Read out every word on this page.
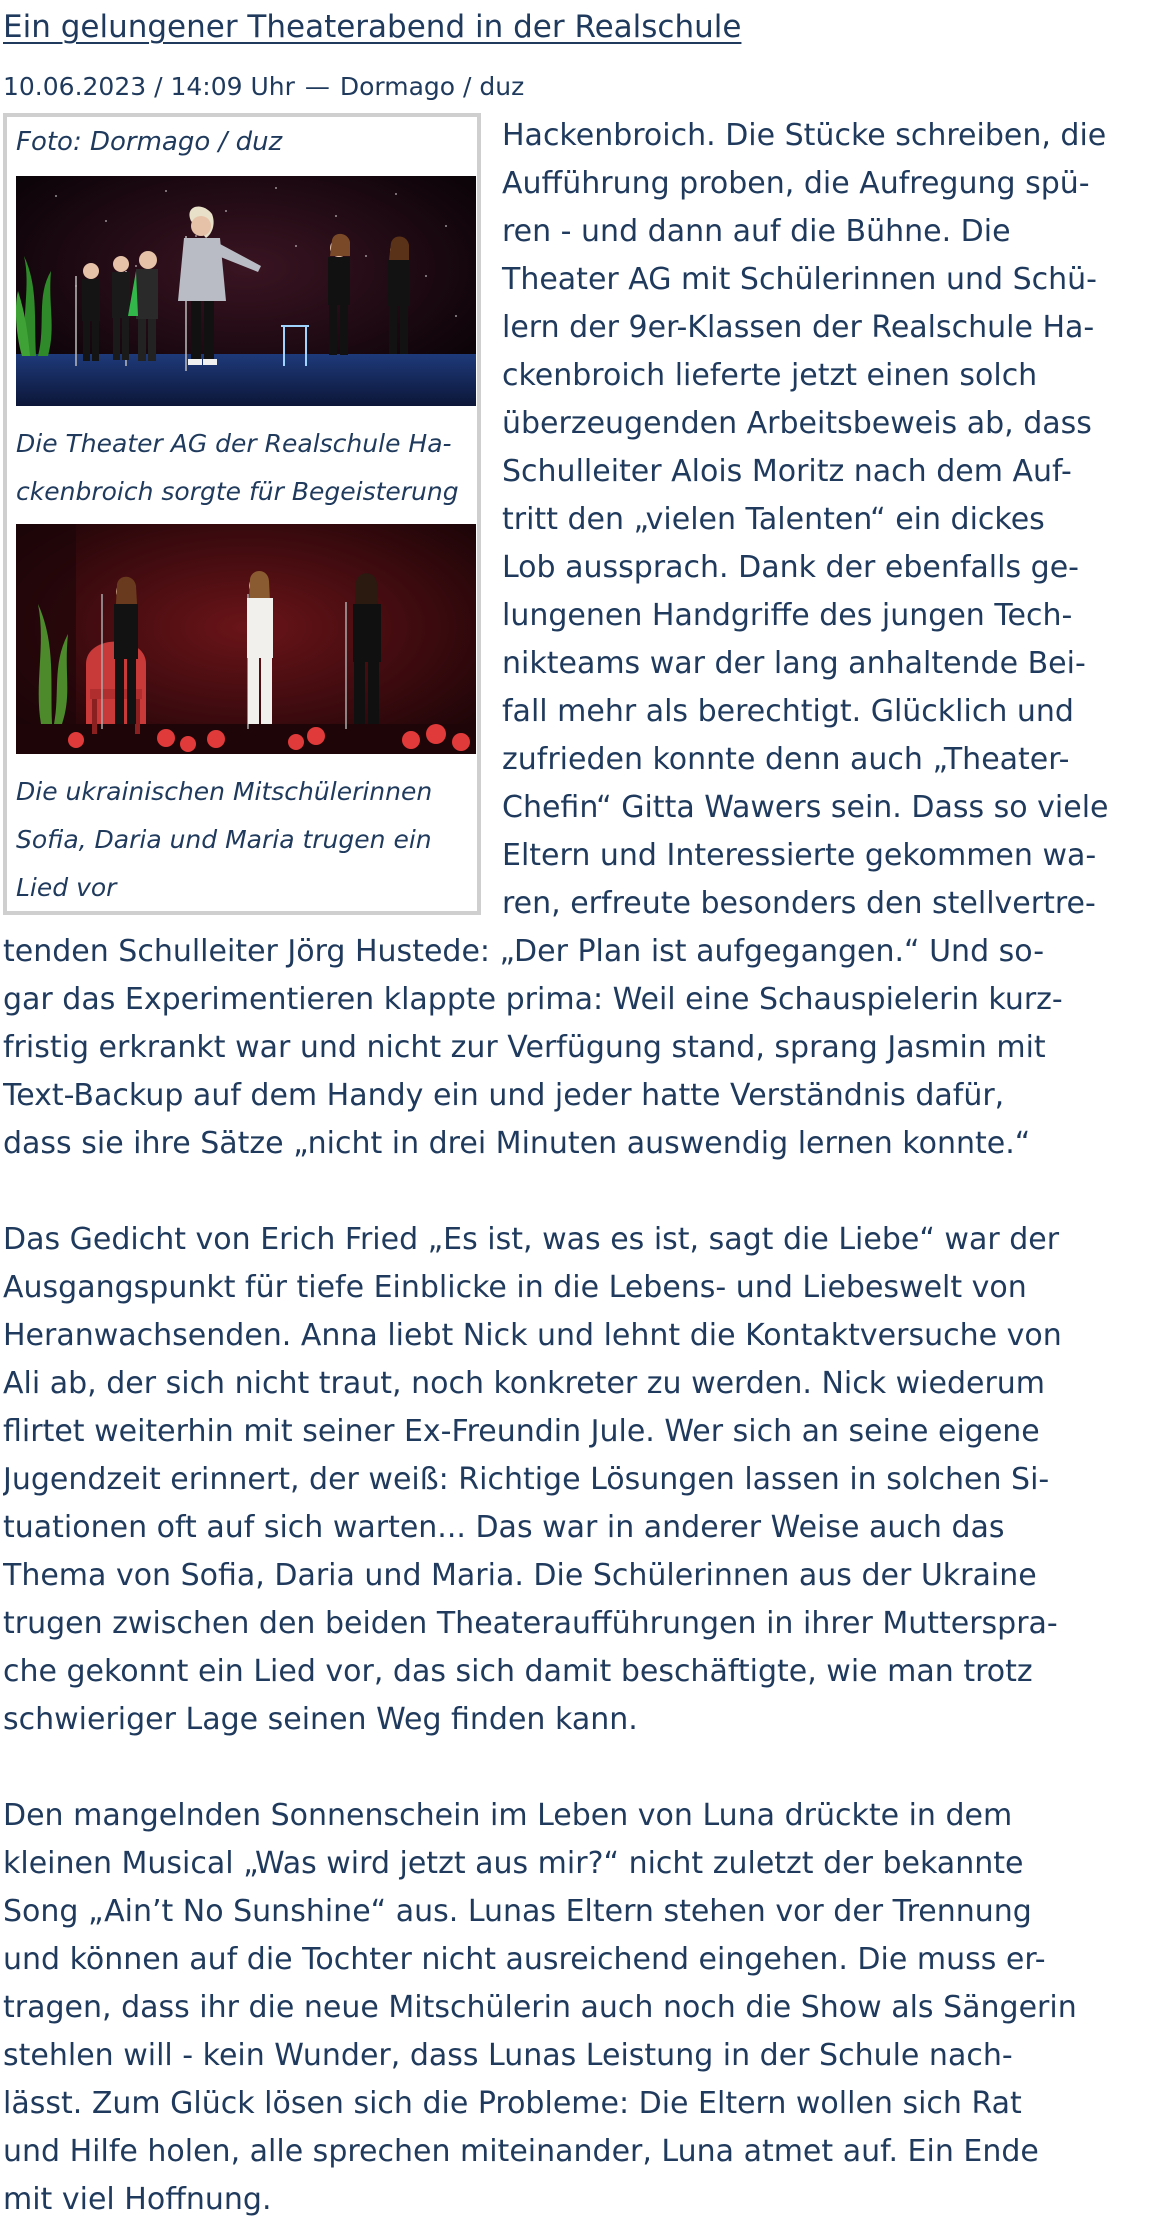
Ein gelungener Theaterabend in der Realschule
10.06.2023 / 14:09 Uhr — Dormago / duz
Foto: Dormago / duz
Die Theater AG der Realschule Ha-
ckenbroich sorgte für Begeisterung
Die ukrainischen Mitschülerinnen
Sofia, Daria und Maria trugen ein
Lied vor

Hackenbroich. Die Stücke schreiben, die

Aufführung proben, die Aufregung spü-

ren - und dann auf die Bühne. Die

Theater AG mit Schülerinnen und Schü-

lern der 9er-Klassen der Realschule Ha-

ckenbroich lieferte jetzt einen solch

überzeugenden Arbeitsbeweis ab, dass

Schulleiter Alois Moritz nach dem Auf-

tritt den „vielen Talenten“ ein dickes

Lob aussprach. Dank der ebenfalls ge-

lungenen Handgriffe des jungen Tech-

nikteams war der lang anhaltende Bei-

fall mehr als berechtigt. Glücklich und

zufrieden konnte denn auch „Theater-

Chefin“ Gitta Wawers sein. Dass so viele

Eltern und Interessierte gekommen wa-

ren, erfreute besonders den stellvertre-

tenden Schulleiter Jörg Hustede: „Der Plan ist aufgegangen.“ Und so-

gar das Experimentieren klappte prima: Weil eine Schauspielerin kurz-

fristig erkrankt war und nicht zur Verfügung stand, sprang Jasmin mit

Text-Backup auf dem Handy ein und jeder hatte Verständnis dafür,

dass sie ihre Sätze „nicht in drei Minuten auswendig lernen konnte.“

Das Gedicht von Erich Fried „Es ist, was es ist, sagt die Liebe“ war der

Ausgangspunkt für tiefe Einblicke in die Lebens- und Liebeswelt von

Heranwachsenden. Anna liebt Nick und lehnt die Kontaktversuche von

Ali ab, der sich nicht traut, noch konkreter zu werden. Nick wiederum

flirtet weiterhin mit seiner Ex-Freundin Jule. Wer sich an seine eigene

Jugendzeit erinnert, der weiß: Richtige Lösungen lassen in solchen Si-

tuationen oft auf sich warten... Das war in anderer Weise auch das

Thema von Sofia, Daria und Maria. Die Schülerinnen aus der Ukraine

trugen zwischen den beiden Theateraufführungen in ihrer Mutterspra-

che gekonnt ein Lied vor, das sich damit beschäftigte, wie man trotz

schwieriger Lage seinen Weg finden kann.

Den mangelnden Sonnenschein im Leben von Luna drückte in dem

kleinen Musical „Was wird jetzt aus mir?“ nicht zuletzt der bekannte

Song „Ain’t No Sunshine“ aus. Lunas Eltern stehen vor der Trennung

und können auf die Tochter nicht ausreichend eingehen. Die muss er-

tragen, dass ihr die neue Mitschülerin auch noch die Show als Sängerin

stehlen will - kein Wunder, dass Lunas Leistung in der Schule nach-

lässt. Zum Glück lösen sich die Probleme: Die Eltern wollen sich Rat

und Hilfe holen, alle sprechen miteinander, Luna atmet auf. Ein Ende

mit viel Hoffnung.
